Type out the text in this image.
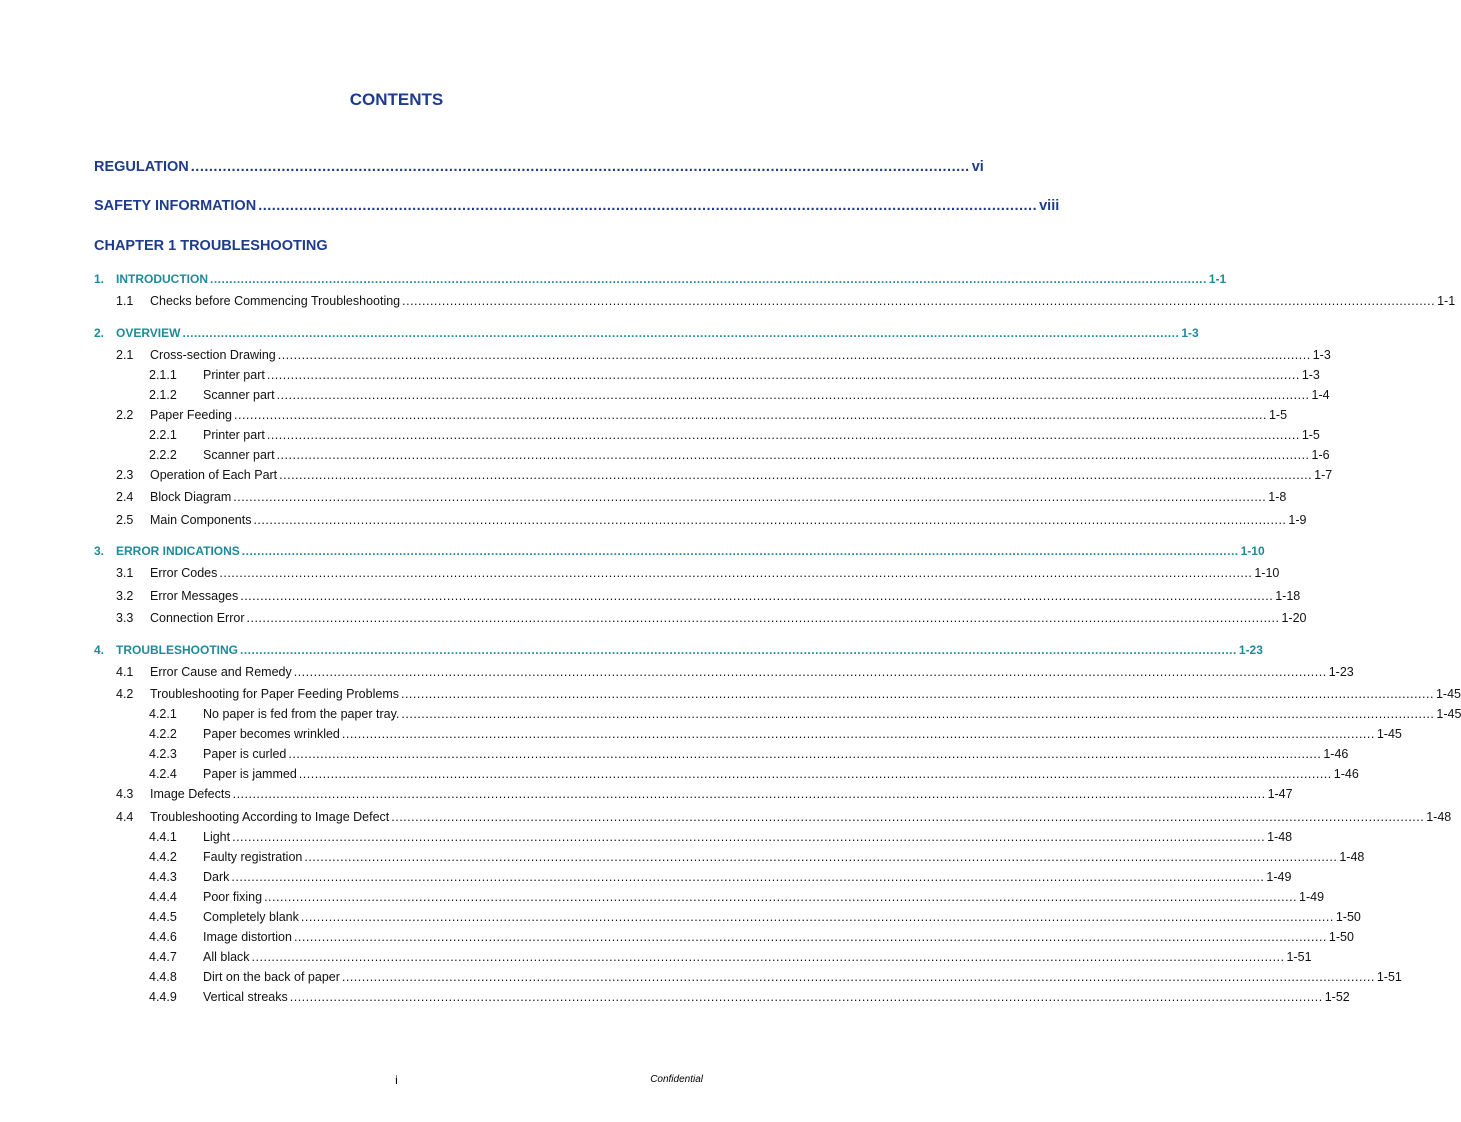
CONTENTS
REGULATION ............................................................................................................................................................................ vi
SAFETY INFORMATION ............................................................................................................................................................................ viii
CHAPTER 1 TROUBLESHOOTING
1. INTRODUCTION .................................................................................................................................................................................................................................................................... 1-1
1.1 Checks before Commencing Troubleshooting .................................................................................................................................................................................................................................................................... 1-1
2. OVERVIEW .................................................................................................................................................................................................................................................................... 1-3
2.1 Cross-section Drawing .................................................................................................................................................................................................................................................................... 1-3
2.1.1 Printer part .................................................................................................................................................................................................................................................................... 1-3
2.1.2 Scanner part .................................................................................................................................................................................................................................................................... 1-4
2.2 Paper Feeding .................................................................................................................................................................................................................................................................... 1-5
2.2.1 Printer part .................................................................................................................................................................................................................................................................... 1-5
2.2.2 Scanner part .................................................................................................................................................................................................................................................................... 1-6
2.3 Operation of Each Part .................................................................................................................................................................................................................................................................... 1-7
2.4 Block Diagram .................................................................................................................................................................................................................................................................... 1-8
2.5 Main Components .................................................................................................................................................................................................................................................................... 1-9
3. ERROR INDICATIONS .................................................................................................................................................................................................................................................................... 1-10
3.1 Error Codes .................................................................................................................................................................................................................................................................... 1-10
3.2 Error Messages .................................................................................................................................................................................................................................................................... 1-18
3.3 Connection Error .................................................................................................................................................................................................................................................................... 1-20
4. TROUBLESHOOTING .................................................................................................................................................................................................................................................................... 1-23
4.1 Error Cause and Remedy .................................................................................................................................................................................................................................................................... 1-23
4.2 Troubleshooting for Paper Feeding Problems .................................................................................................................................................................................................................................................................... 1-45
4.2.1 No paper is fed from the paper tray. .................................................................................................................................................................................................................................................................... 1-45
4.2.2 Paper becomes wrinkled .................................................................................................................................................................................................................................................................... 1-45
4.2.3 Paper is curled .................................................................................................................................................................................................................................................................... 1-46
4.2.4 Paper is jammed .................................................................................................................................................................................................................................................................... 1-46
4.3 Image Defects .................................................................................................................................................................................................................................................................... 1-47
4.4 Troubleshooting According to Image Defect .................................................................................................................................................................................................................................................................... 1-48
4.4.1 Light .................................................................................................................................................................................................................................................................... 1-48
4.4.2 Faulty registration .................................................................................................................................................................................................................................................................... 1-48
4.4.3 Dark .................................................................................................................................................................................................................................................................... 1-49
4.4.4 Poor fixing .................................................................................................................................................................................................................................................................... 1-49
4.4.5 Completely blank .................................................................................................................................................................................................................................................................... 1-50
4.4.6 Image distortion .................................................................................................................................................................................................................................................................... 1-50
4.4.7 All black .................................................................................................................................................................................................................................................................... 1-51
4.4.8 Dirt on the back of paper .................................................................................................................................................................................................................................................................... 1-51
4.4.9 Vertical streaks .................................................................................................................................................................................................................................................................... 1-52
i	Confidential
